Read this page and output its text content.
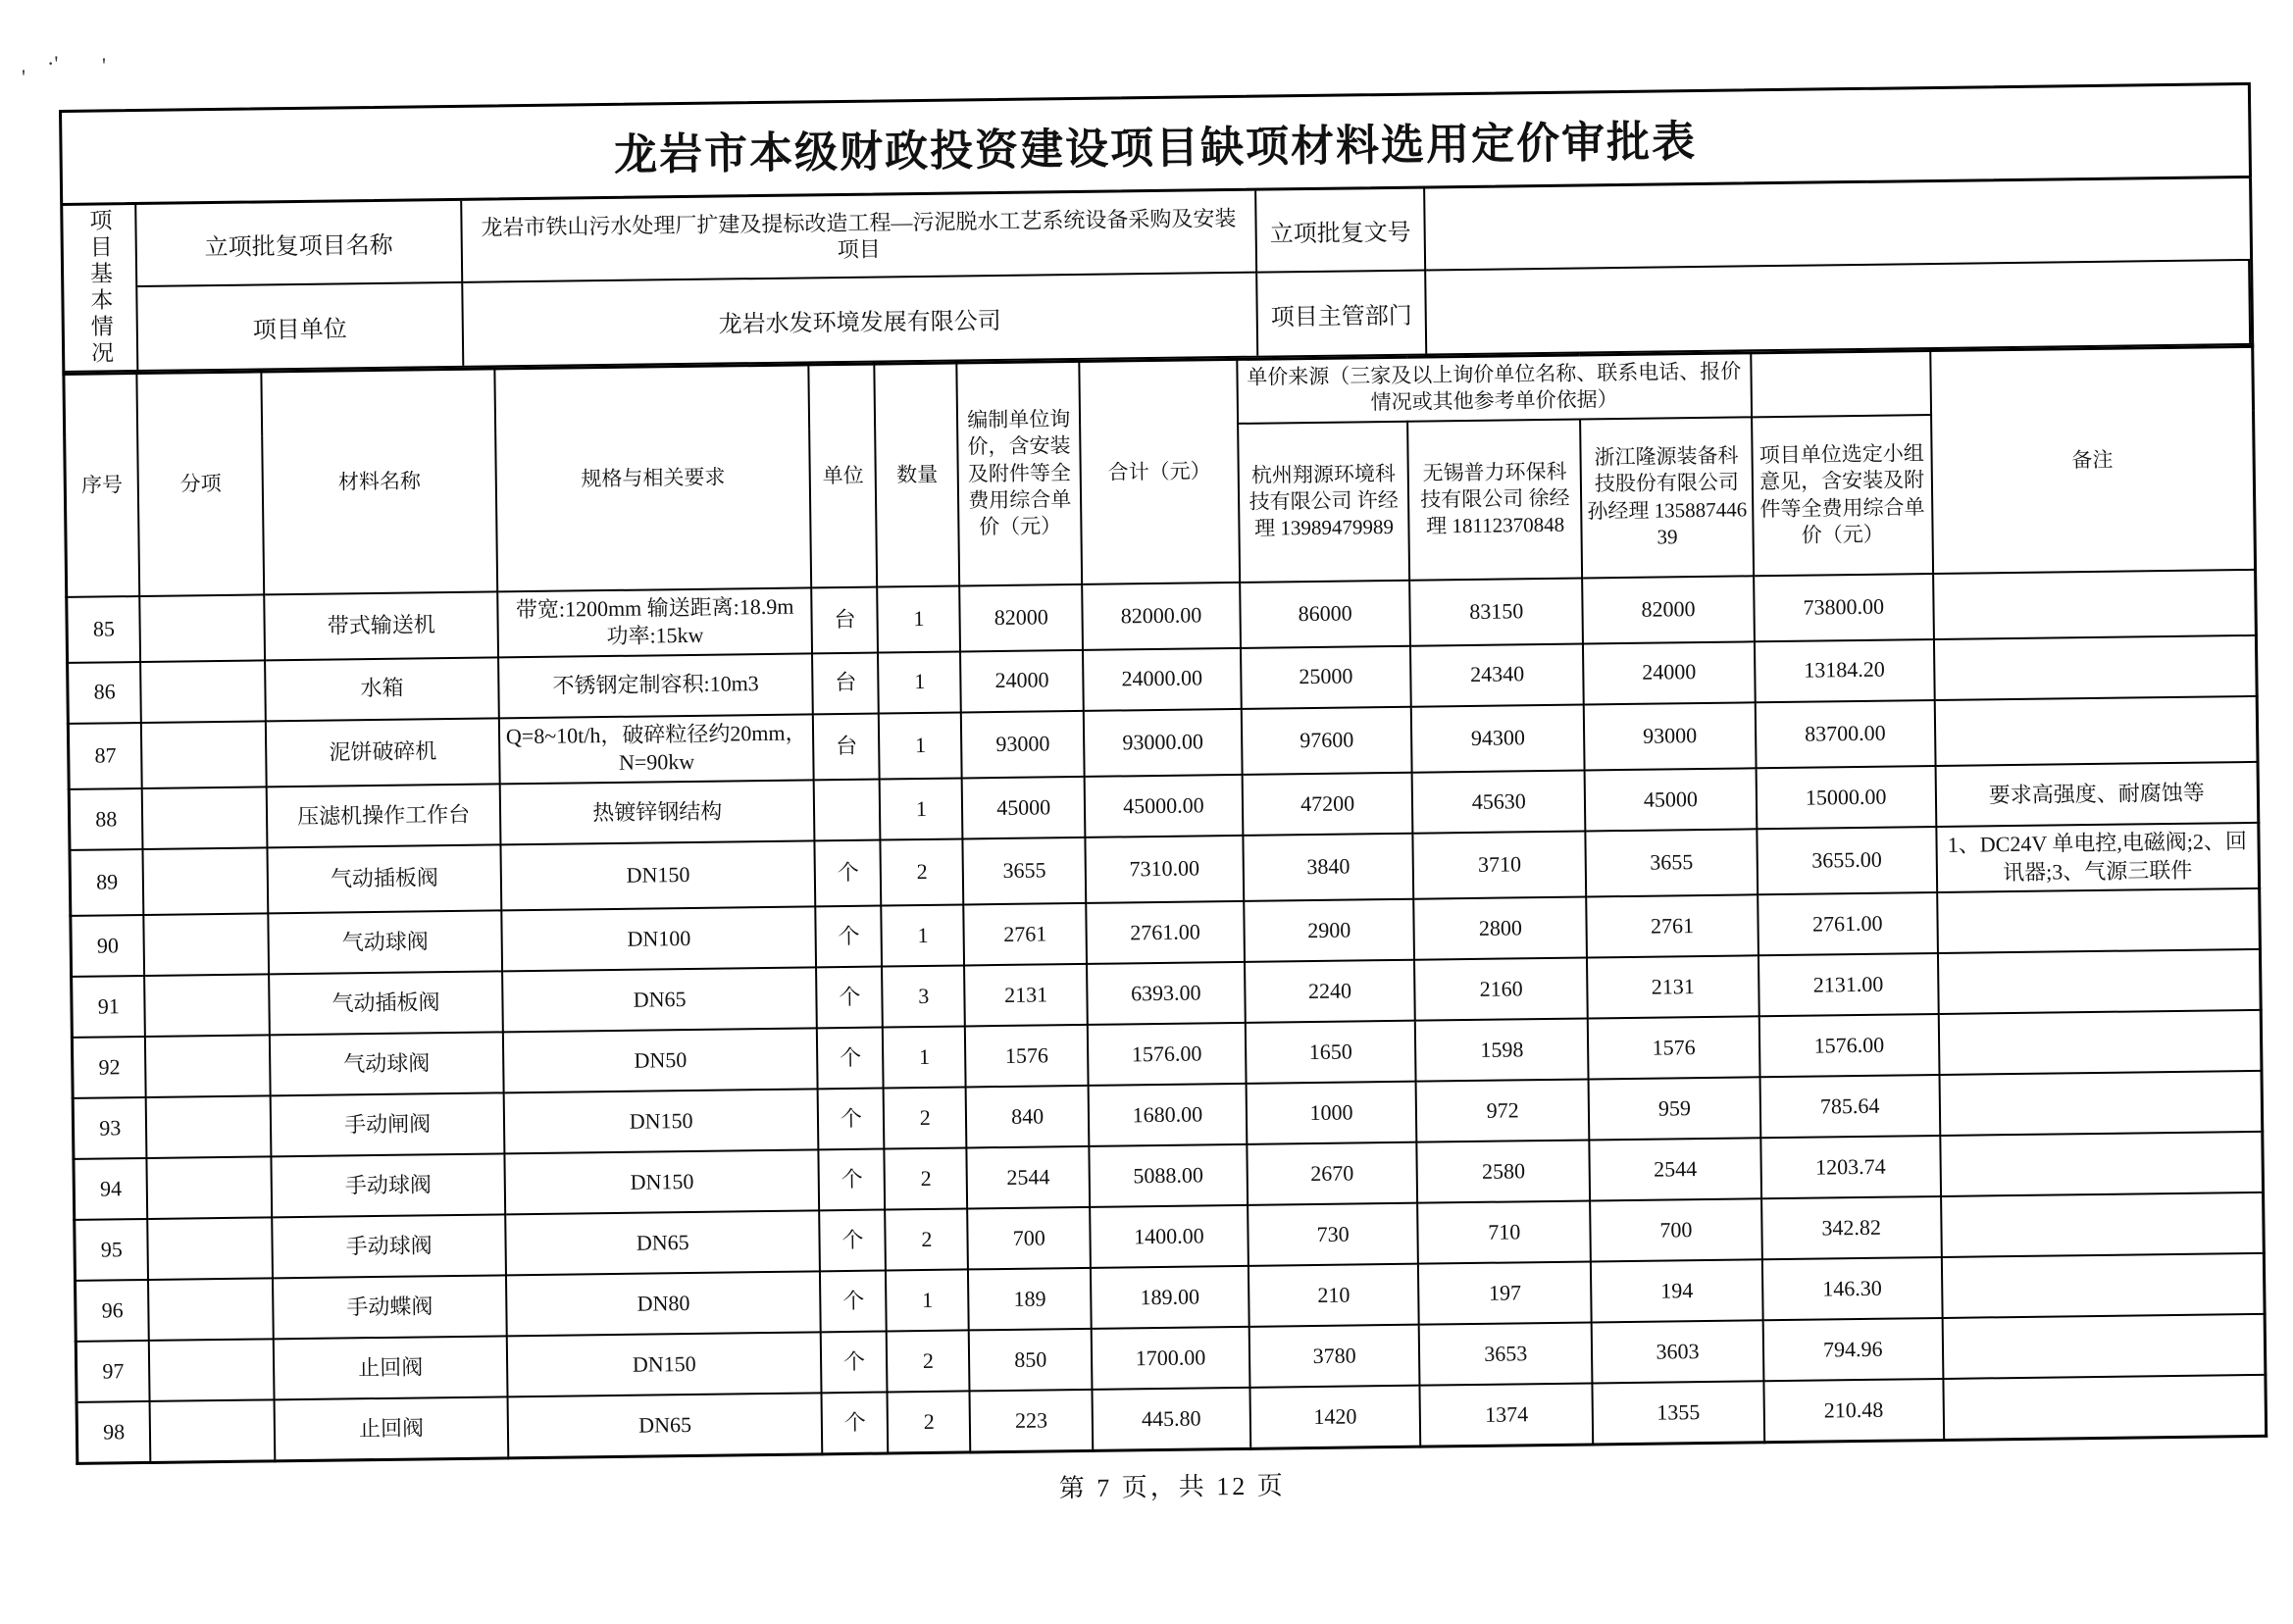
·' '
'
龙岩市本级财政投资建设项目缺项材料选用定价审批表
项目基本情况	立项批复项目名称
龙岩市铁山污水处理厂扩建及提标改造工程—污泥脱水工艺系统设备采购及安装项目
立项批复文号
项目单位	龙岩水发环境发展有限公司	项目主管部门
序号	分项	材料名称	规格与相关要求	单位	数量	编制单位询价，含安装及附件等全费用综合单价（元）	合计（元）	单价来源（三家及以上询价单位名称、联系电话、报价情况或其他参考单价依据）				备注
								杭州翔源环境科技有限公司 许经理 13989479989	无锡普力环保科技有限公司 徐经理 18112370848	浙江隆源装备科技股份有限公司 孙经理 13588744639	项目单位选定小组意见，含安装及附件等全费用综合单价（元）	
85		带式输送机	带宽:1200mm 输送距离:18.9m 功率:15kw	台	1	82000	82000.00	86000	83150	82000	73800.00	
86		水箱	不锈钢定制容积:10m3	台	1	24000	24000.00	25000	24340	24000	13184.20	
87		泥饼破碎机	Q=8~10t/h，破碎粒径约20mm，N=90kw	台	1	93000	93000.00	97600	94300	93000	83700.00	
88		压滤机操作工作台	热镀锌钢结构		1	45000	45000.00	47200	45630	45000	15000.00	要求高强度、耐腐蚀等
89		气动插板阀	DN150	个	2	3655	7310.00	3840	3710	3655	3655.00	1、DC24V 单电控,电磁阀;2、回讯器;3、气源三联件
90		气动球阀	DN100	个	1	2761	2761.00	2900	2800	2761	2761.00	
91		气动插板阀	DN65	个	3	2131	6393.00	2240	2160	2131	2131.00	
92		气动球阀	DN50	个	1	1576	1576.00	1650	1598	1576	1576.00	
93		手动闸阀	DN150	个	2	840	1680.00	1000	972	959	785.64	
94		手动球阀	DN150	个	2	2544	5088.00	2670	2580	2544	1203.74	
95		手动球阀	DN65	个	2	700	1400.00	730	710	700	342.82	
96		手动蝶阀	DN80	个	1	189	189.00	210	197	194	146.30	
97		止回阀	DN150	个	2	850	1700.00	3780	3653	3603	794.96	
98		止回阀	DN65	个	2	223	445.80	1420	1374	1355	210.48	
第 7 页，共 12 页
